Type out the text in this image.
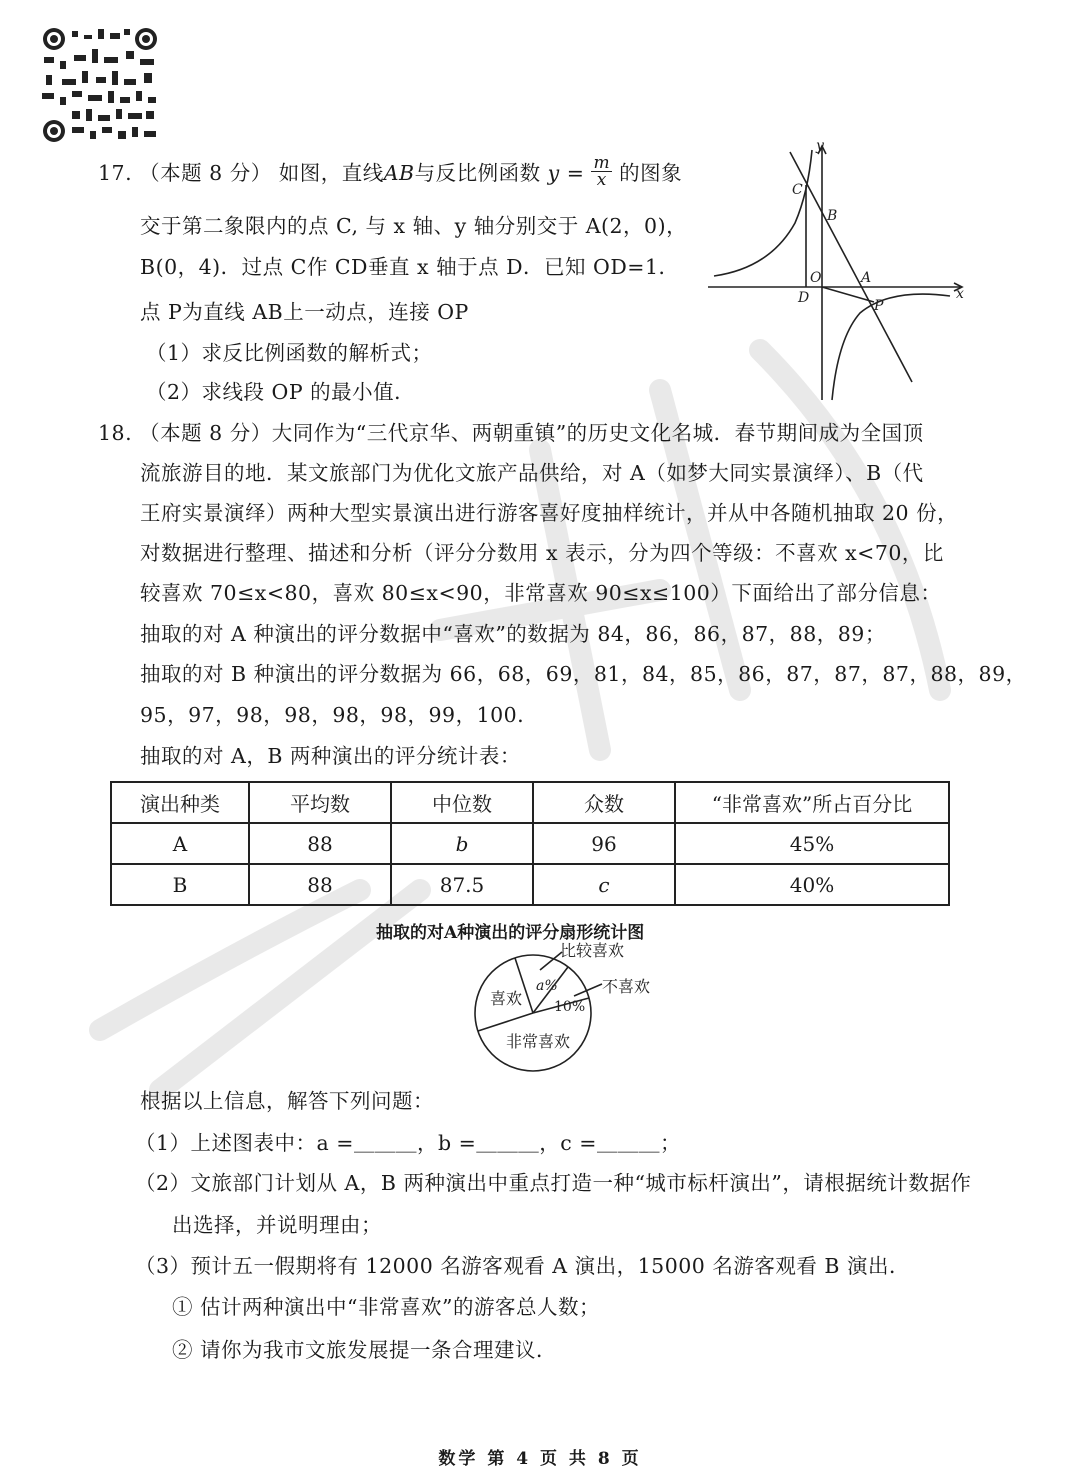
江淮教育
17. （本题 8 分） 如图，直线AB与反比例函数 $y = \frac{m}{x}$ 的图象
交于第二象限内的点 C, 与 x 轴、y 轴分别交于 A(2，0)，
B(0，4)．过点 C作 CD垂直 x 轴于点 D．已知 OD=1．
点 P为直线 AB上一动点，连接 OP
（1）求反比例函数的解析式；
（2）求线段 OP 的最小值．
y
x
C
B
O	A
D	P
18. （本题 8 分）大同作为“三代京华、两朝重镇”的历史文化名城．春节期间成为全国顶
流旅游目的地．某文旅部门为优化文旅产品供给，对 A（如梦大同实景演绎）、B（代
王府实景演绎）两种大型实景演出进行游客喜好度抽样统计，并从中各随机抽取 20 份，
对数据进行整理、描述和分析（评分分数用 x 表示，分为四个等级：不喜欢 x<70，比
较喜欢 70≤x<80，喜欢 80≤x<90，非常喜欢 90≤x≤100）下面给出了部分信息：
抽取的对 A 种演出的评分数据中“喜欢”的数据为 84，86，86，87，88，89；
抽取的对 B 种演出的评分数据为 66，68，69，81，84，85，86，87，87，87，88，89，
95，97，98，98，98，98，99，100．
抽取的对 A，B 两种演出的评分统计表：
演出种类	平均数	中位数	众数	“非常喜欢”所占百分比
A	88	b	96	45%
B	88	87.5	c	40%
抽取的对A种演出的评分扇形统计图
比较喜欢
a%
10%
不喜欢
喜欢
非常喜欢
根据以上信息，解答下列问题：
（1）上述图表中：a =＿＿＿，b =＿＿＿，c =＿＿＿；
（2）文旅部门计划从 A，B 两种演出中重点打造一种“城市标杆演出”，请根据统计数据作
出选择，并说明理由；
（3）预计五一假期将有 12000 名游客观看 A 演出，15000 名游客观看 B 演出．
① 估计两种演出中“非常喜欢”的游客总人数；
② 请你为我市文旅发展提一条合理建议．
数学 第 4 页 共 8 页
